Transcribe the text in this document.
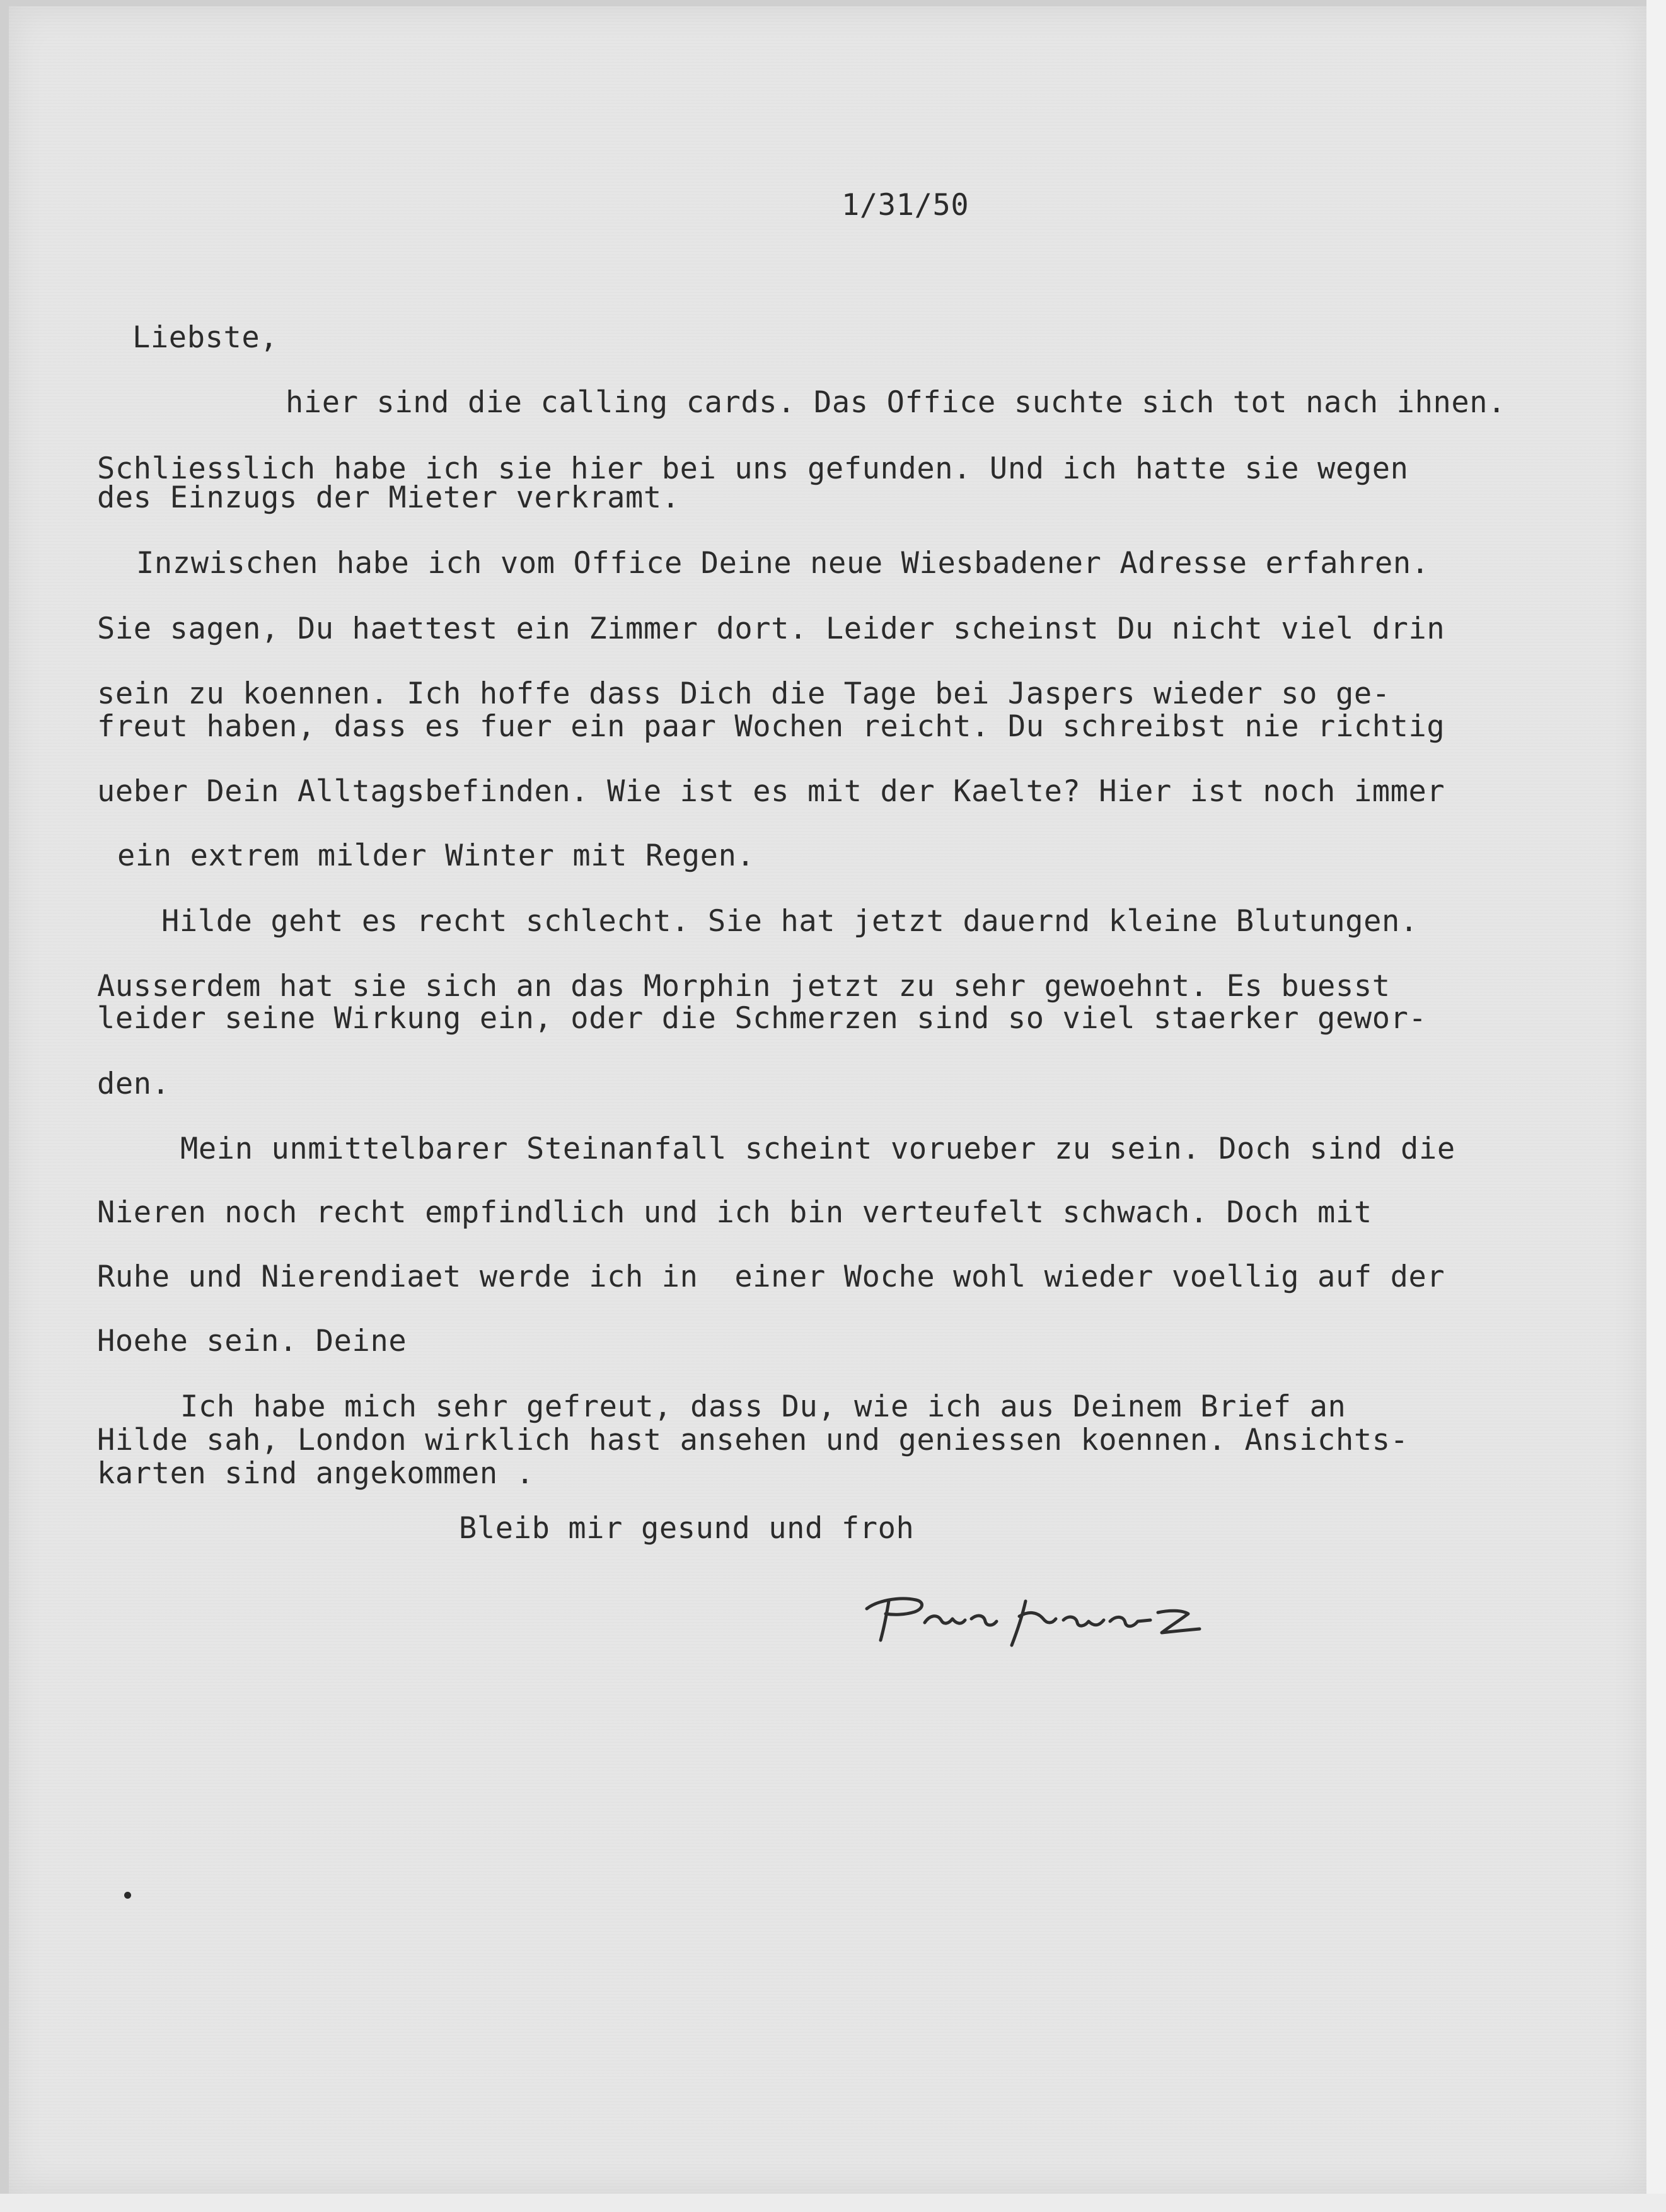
1/31/50
Liebste,
hier sind die calling cards. Das Office suchte sich tot nach ihnen.
Schliesslich habe ich sie hier bei uns gefunden. Und ich hatte sie wegen
des Einzugs der Mieter verkramt.
Inzwischen habe ich vom Office Deine neue Wiesbadener Adresse erfahren.
Sie sagen, Du haettest ein Zimmer dort. Leider scheinst Du nicht viel drin
sein zu koennen. Ich hoffe dass Dich die Tage bei Jaspers wieder so ge-
freut haben, dass es fuer ein paar Wochen reicht. Du schreibst nie richtig
ueber Dein Alltagsbefinden. Wie ist es mit der Kaelte? Hier ist noch immer
ein extrem milder Winter mit Regen.
Hilde geht es recht schlecht. Sie hat jetzt dauernd kleine Blutungen.
Ausserdem hat sie sich an das Morphin jetzt zu sehr gewoehnt. Es buesst
leider seine Wirkung ein, oder die Schmerzen sind so viel staerker gewor-
den.
Mein unmittelbarer Steinanfall scheint vorueber zu sein. Doch sind die
Nieren noch recht empfindlich und ich bin verteufelt schwach. Doch mit
Ruhe und Nierendiaet werde ich in  einer Woche wohl wieder voellig auf der
Hoehe sein. Deine
Ich habe mich sehr gefreut, dass Du, wie ich aus Deinem Brief an
Hilde sah, London wirklich hast ansehen und geniessen koennen. Ansichts-
karten sind angekommen .
Bleib mir gesund und froh
